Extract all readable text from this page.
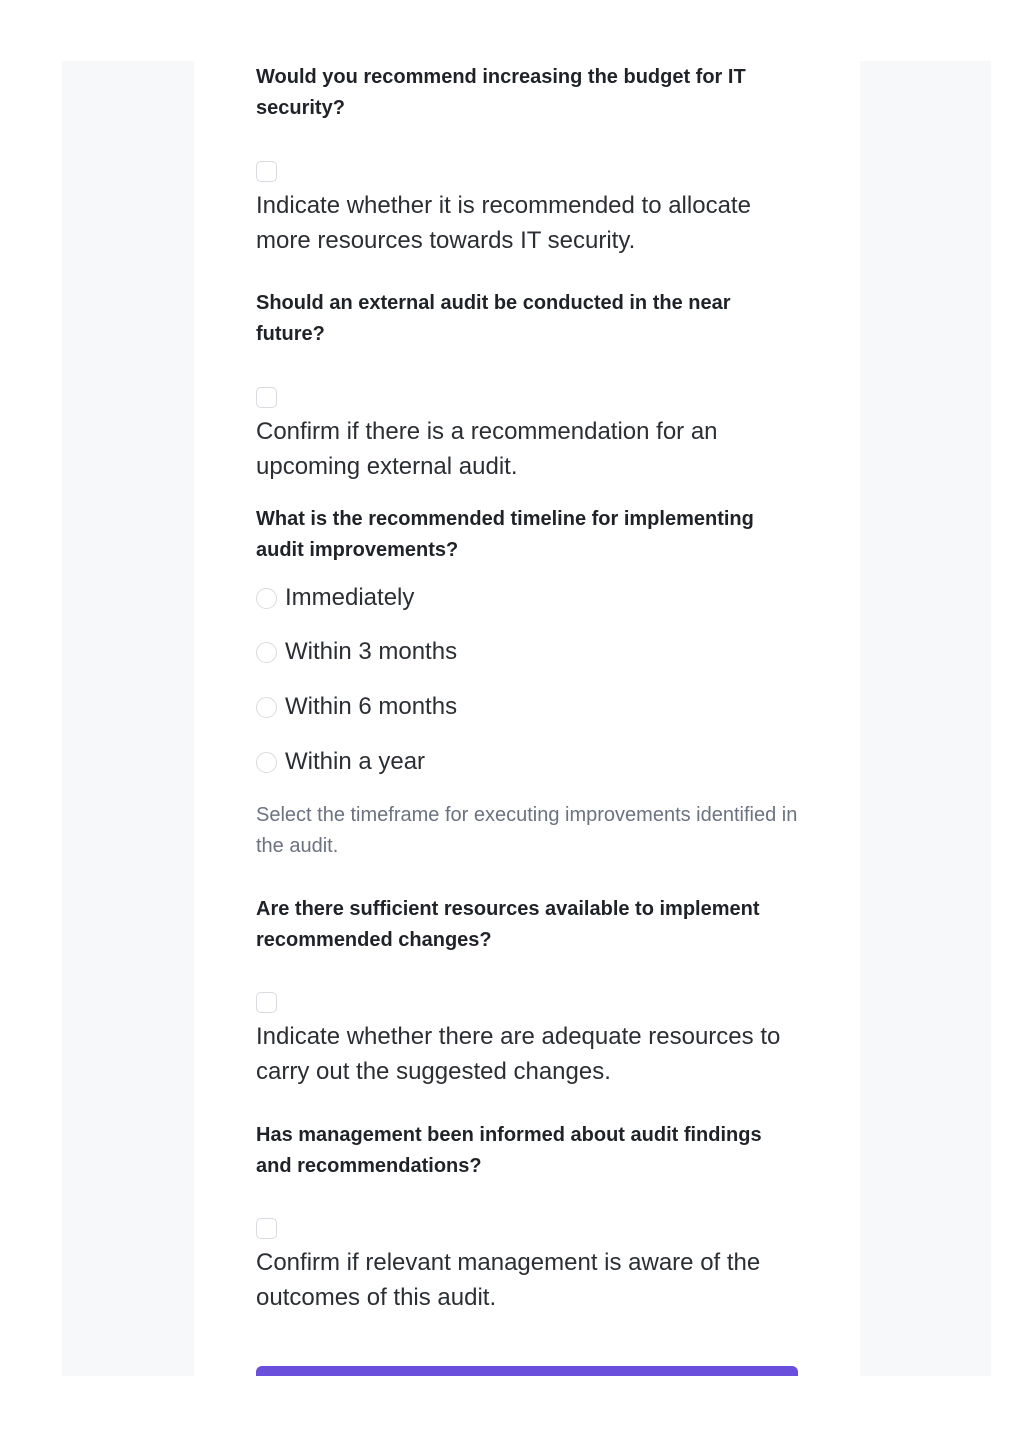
Would you recommend increasing the budget for IT security?

Indicate whether it is recommended to allocate more resources towards IT security.

Should an external audit be conducted in the near future?

Confirm if there is a recommendation for an upcoming external audit.

What is the recommended timeline for implementing audit improvements?

Immediately
Within 3 months
Within 6 months
Within a year

Select the timeframe for executing improvements identified in the audit.

Are there sufficient resources available to implement recommended changes?

Indicate whether there are adequate resources to carry out the suggested changes.

Has management been informed about audit findings and recommendations?

Confirm if relevant management is aware of the outcomes of this audit.
